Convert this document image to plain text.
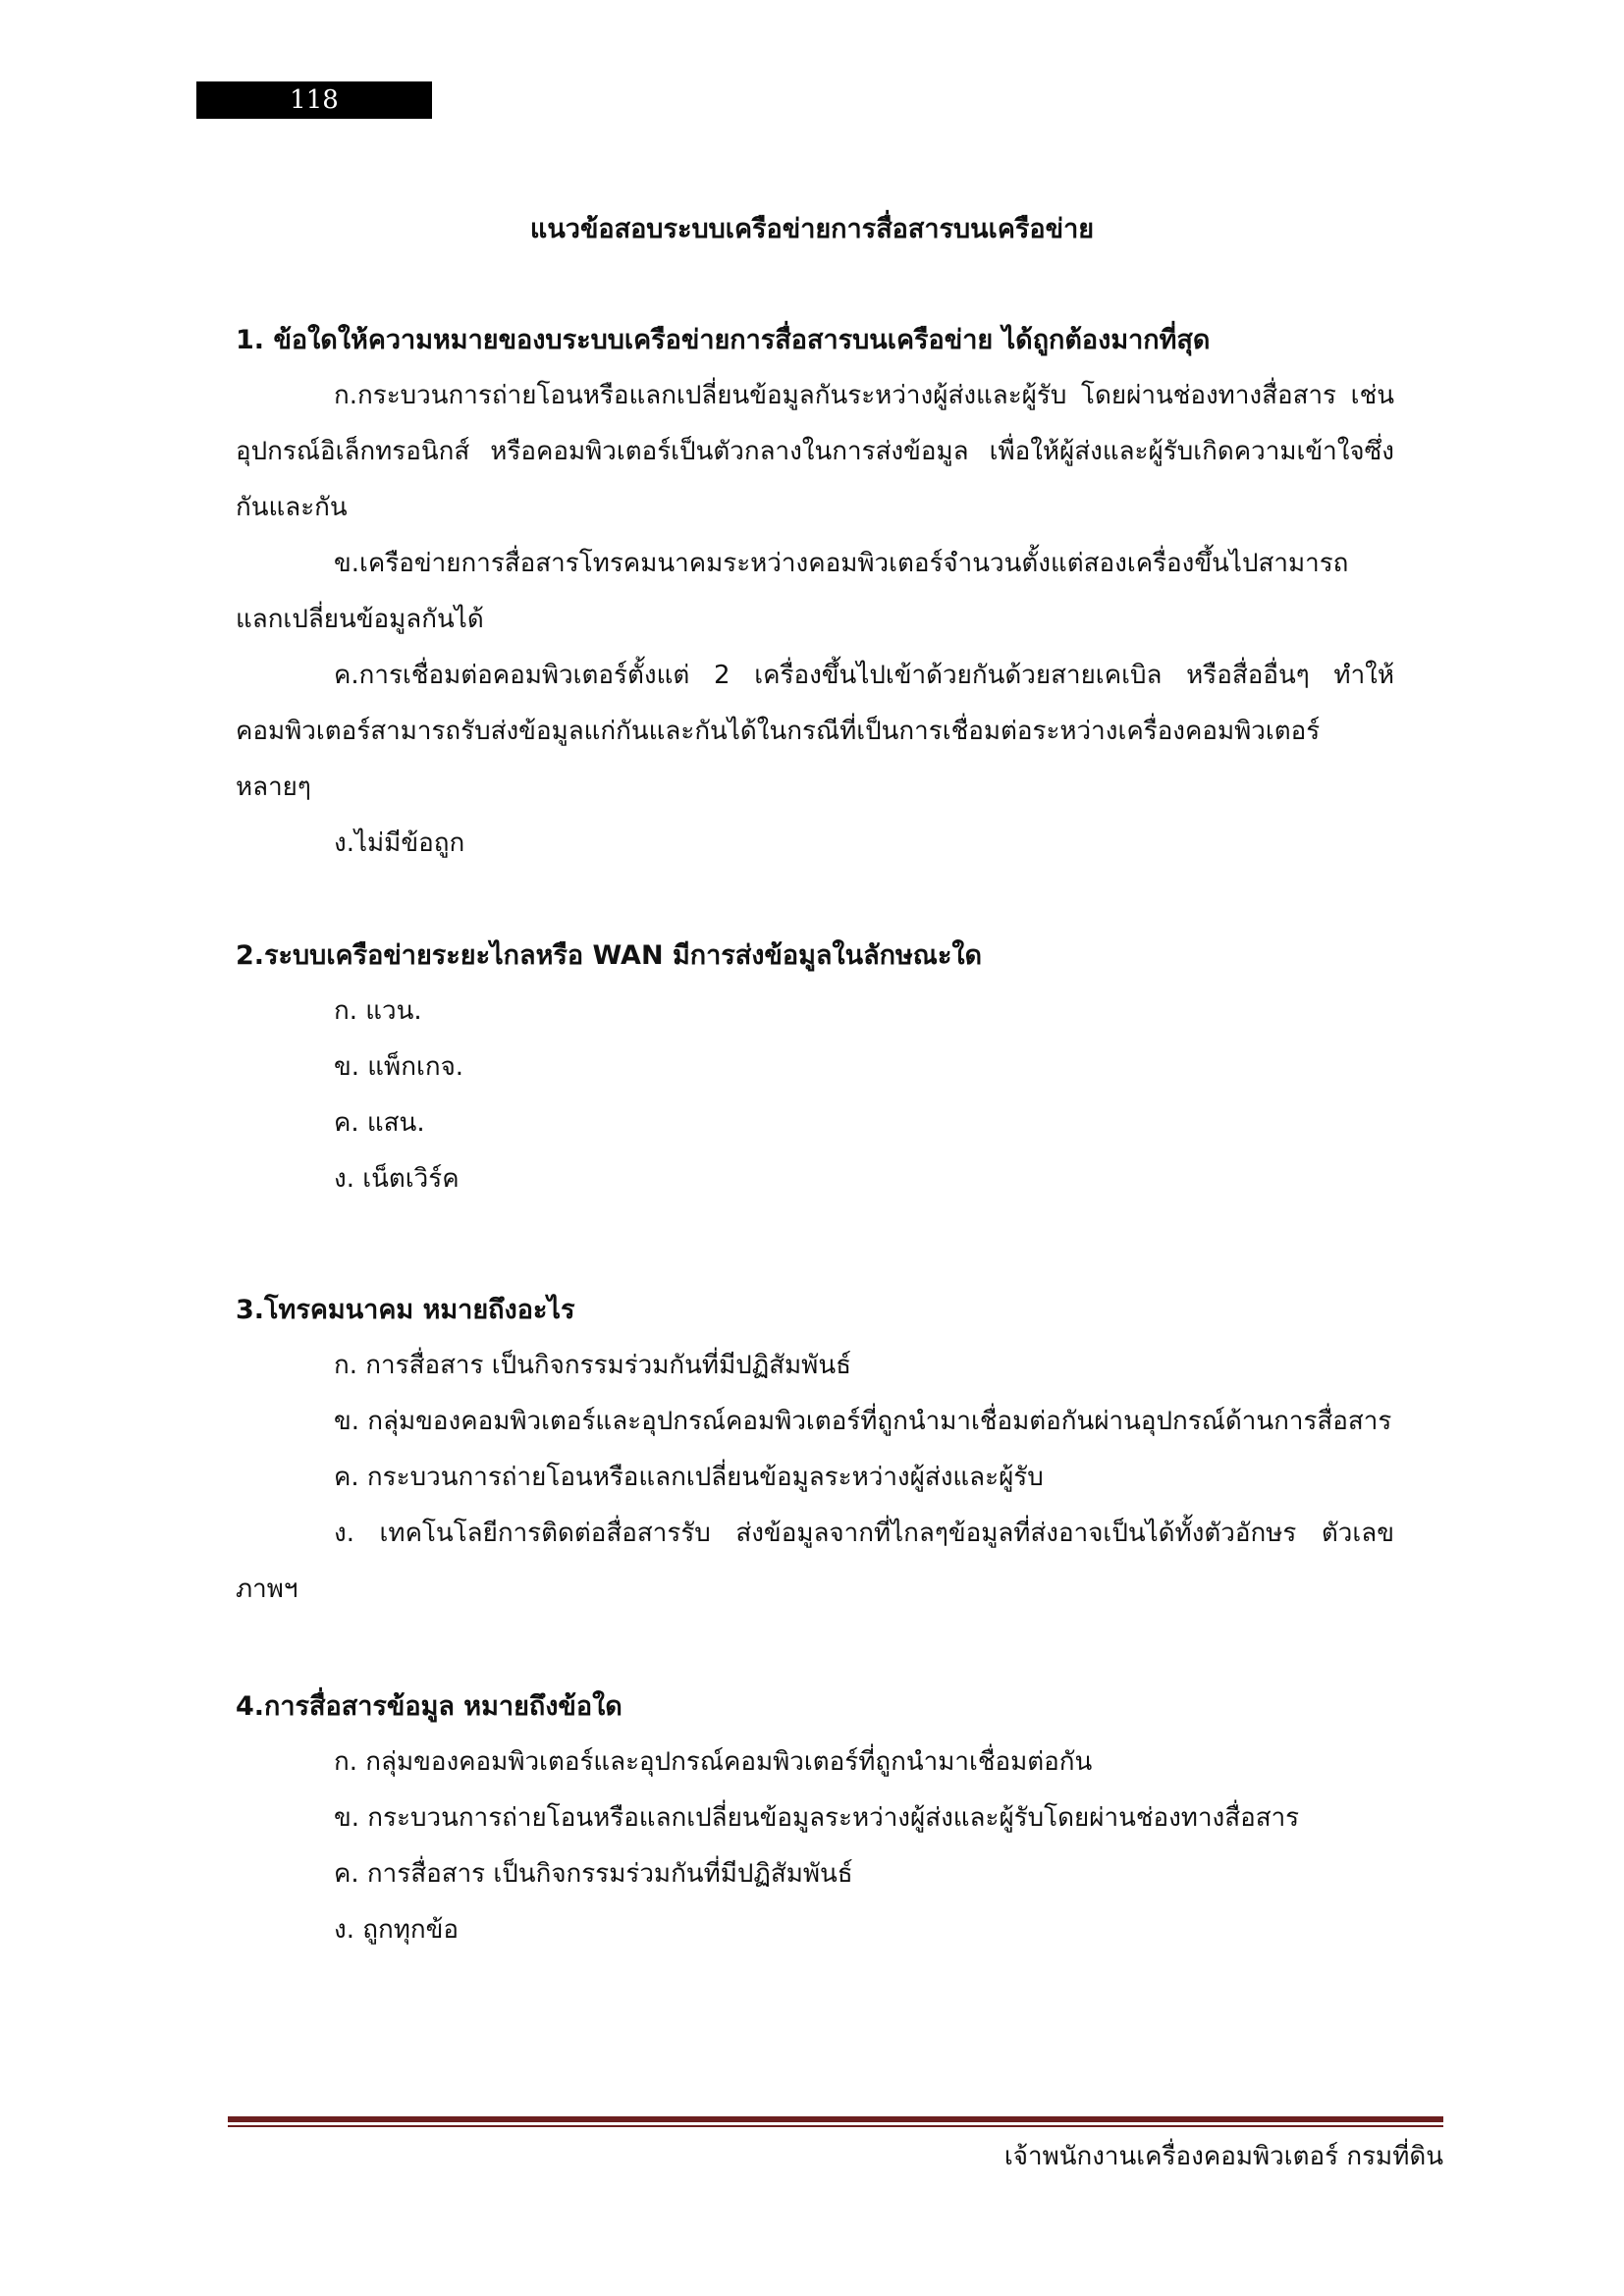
118
แนวข้อสอบระบบเครือข่ายการสื่อสารบนเครือข่าย
1. ข้อใดให้ความหมายของบระบบเครือข่ายการสื่อสารบนเครือข่าย ได้ถูกต้องมากที่สุด
ก.กระบวนการถ่ายโอนหรือแลกเปลี่ยนข้อมูลกันระหว่างผู้ส่งและผู้รับ โดยผ่านช่องทางสื่อสาร เช่น อุปกรณ์อิเล็กทรอนิกส์ หรือคอมพิวเตอร์เป็นตัวกลางในการส่งข้อมูล เพื่อให้ผู้ส่งและผู้รับเกิดความเข้าใจซึ่งกันและกัน
ข.เครือข่ายการสื่อสารโทรคมนาคมระหว่างคอมพิวเตอร์จำนวนตั้งแต่สองเครื่องขึ้นไปสามารถแลกเปลี่ยนข้อมูลกันได้
ค.การเชื่อมต่อคอมพิวเตอร์ตั้งแต่ 2 เครื่องขึ้นไปเข้าด้วยกันด้วยสายเคเบิล หรือสื่ออื่นๆ ทำให้คอมพิวเตอร์สามารถรับส่งข้อมูลแก่กันและกันได้ในกรณีที่เป็นการเชื่อมต่อระหว่างเครื่องคอมพิวเตอร์หลายๆ
ง.ไม่มีข้อถูก
2.ระบบเครือข่ายระยะไกลหรือ WAN มีการส่งข้อมูลในลักษณะใด
ก. แวน.
ข. แพ็กเกจ.
ค. แสน.
ง. เน็ตเวิร์ค
3.โทรคมนาคม หมายถึงอะไร
ก. การสื่อสาร เป็นกิจกรรมร่วมกันที่มีปฏิสัมพันธ์
ข. กลุ่มของคอมพิวเตอร์และอุปกรณ์คอมพิวเตอร์ที่ถูกนำมาเชื่อมต่อกันผ่านอุปกรณ์ด้านการสื่อสาร
ค. กระบวนการถ่ายโอนหรือแลกเปลี่ยนข้อมูลระหว่างผู้ส่งและผู้รับ
ง. เทคโนโลยีการติดต่อสื่อสารรับ ส่งข้อมูลจากที่ไกลๆข้อมูลที่ส่งอาจเป็นได้ทั้งตัวอักษร ตัวเลข ภาพฯ
4.การสื่อสารข้อมูล หมายถึงข้อใด
ก. กลุ่มของคอมพิวเตอร์และอุปกรณ์คอมพิวเตอร์ที่ถูกนำมาเชื่อมต่อกัน
ข. กระบวนการถ่ายโอนหรือแลกเปลี่ยนข้อมูลระหว่างผู้ส่งและผู้รับโดยผ่านช่องทางสื่อสาร
ค. การสื่อสาร เป็นกิจกรรมร่วมกันที่มีปฏิสัมพันธ์
ง. ถูกทุกข้อ
เจ้าพนักงานเครื่องคอมพิวเตอร์ กรมที่ดิน
